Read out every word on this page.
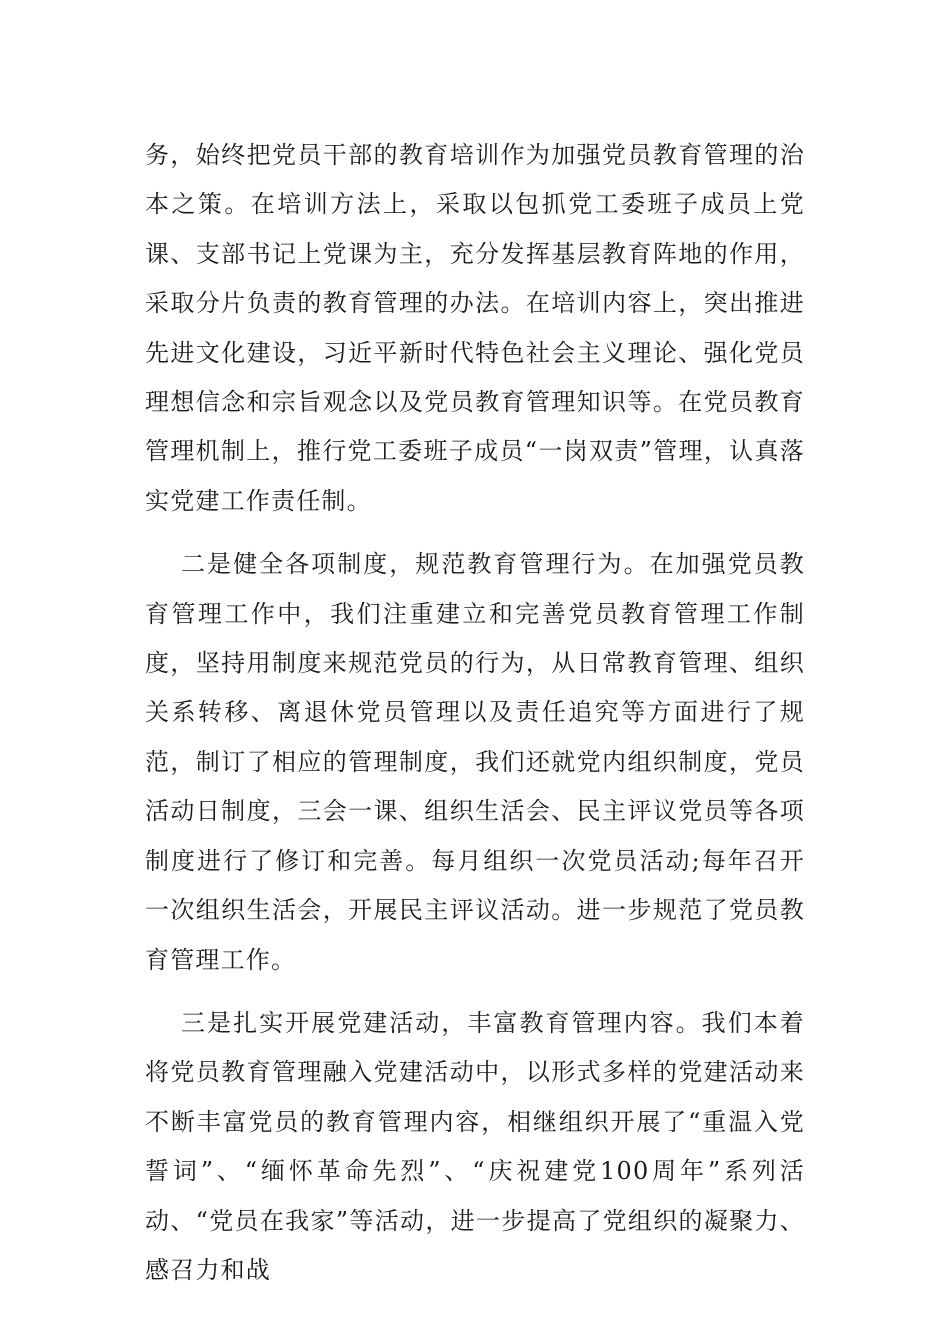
务，始终把党员干部的教育培训作为加强党员教育管理的治本之策。在培训方法上，采取以包抓党工委班子成员上党课、支部书记上党课为主，充分发挥基层教育阵地的作用，采取分片负责的教育管理的办法。在培训内容上，突出推进先进文化建设，习近平新时代特色社会主义理论、强化党员理想信念和宗旨观念以及党员教育管理知识等。在党员教育管理机制上，推行党工委班子成员“一岗双责”管理，认真落实党建工作责任制。

二是健全各项制度，规范教育管理行为。在加强党员教育管理工作中，我们注重建立和完善党员教育管理工作制度，坚持用制度来规范党员的行为，从日常教育管理、组织关系转移、离退休党员管理以及责任追究等方面进行了规范，制订了相应的管理制度，我们还就党内组织制度，党员活动日制度，三会一课、组织生活会、民主评议党员等各项制度进行了修订和完善。每月组织一次党员活动;每年召开一次组织生活会，开展民主评议活动。进一步规范了党员教育管理工作。

三是扎实开展党建活动，丰富教育管理内容。我们本着将党员教育管理融入党建活动中，以形式多样的党建活动来不断丰富党员的教育管理内容，相继组织开展了“重温入党誓词”、“缅怀革命先烈”、“庆祝建党100周年”系列活动、“党员在我家”等活动，进一步提高了党组织的凝聚力、感召力和战
